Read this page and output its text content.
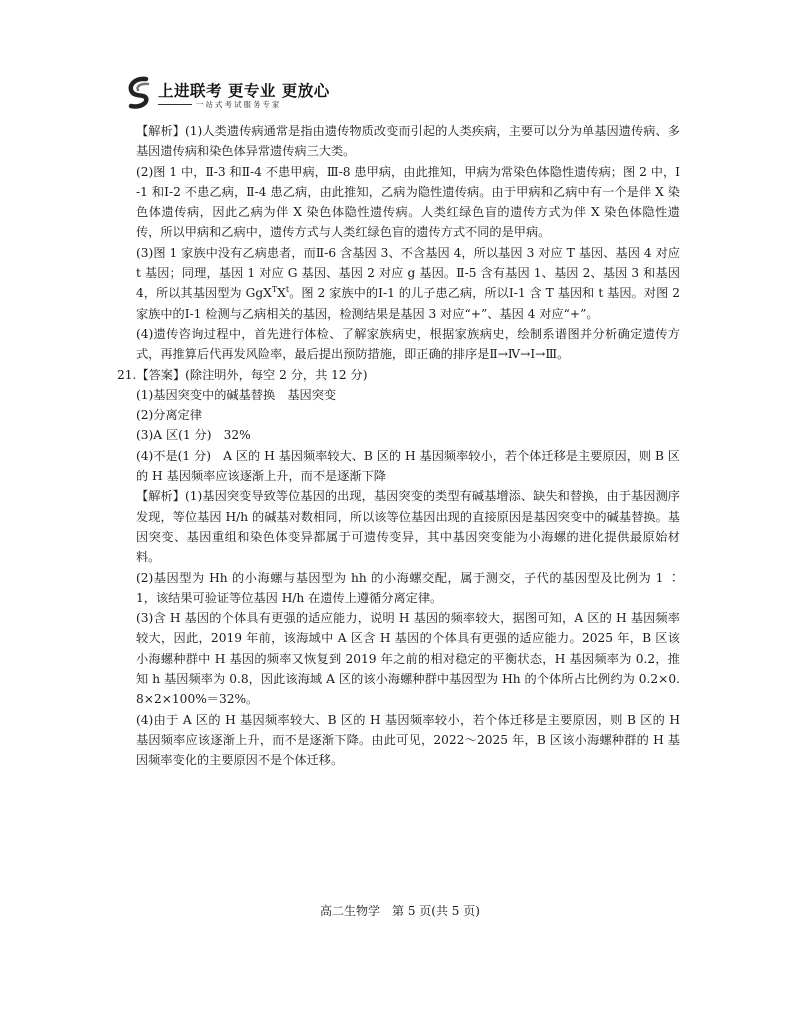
上进联考 更专业 更放心
一站式考试服务专家

【解析】(1)人类遗传病通常是指由遗传物质改变而引起的人类疾病，主要可以分为单基因遗传病、多基因遗传病和染色体异常遗传病三大类。

(2)图 1 中，Ⅱ-3 和Ⅱ-4 不患甲病，Ⅲ-8 患甲病，由此推知，甲病为常染色体隐性遗传病；图 2 中，Ⅰ-1 和Ⅰ-2 不患乙病，Ⅱ-4 患乙病，由此推知，乙病为隐性遗传病。由于甲病和乙病中有一个是伴 X 染色体遗传病，因此乙病为伴 X 染色体隐性遗传病。人类红绿色盲的遗传方式为伴 X 染色体隐性遗传，所以甲病和乙病中，遗传方式与人类红绿色盲的遗传方式不同的是甲病。

(3)图 1 家族中没有乙病患者，而Ⅱ-6 含基因 3、不含基因 4，所以基因 3 对应 T 基因、基因 4 对应 t 基因；同理，基因 1 对应 G 基因、基因 2 对应 g 基因。Ⅱ-5 含有基因 1、基因 2、基因 3 和基因 4，所以其基因型为 $GgX^TX^t$。图 2 家族中的Ⅰ-1 的儿子患乙病，所以Ⅰ-1 含 T 基因和 t 基因。对图 2 家族中的Ⅰ-1 检测与乙病相关的基因，检测结果是基因 3 对应“+”、基因 4 对应“+”。

(4)遗传咨询过程中，首先进行体检、了解家族病史，根据家族病史，绘制系谱图并分析确定遗传方式，再推算后代再发风险率，最后提出预防措施，即正确的排序是Ⅱ→Ⅳ→Ⅰ→Ⅲ。

21.【答案】(除注明外，每空 2 分，共 12 分)

(1)基因突变中的碱基替换　基因突变

(2)分离定律

(3)A 区(1 分)　32%

(4)不是(1 分)　A 区的 H 基因频率较大、B 区的 H 基因频率较小，若个体迁移是主要原因，则 B 区的 H 基因频率应该逐渐上升，而不是逐渐下降

【解析】(1)基因突变导致等位基因的出现，基因突变的类型有碱基增添、缺失和替换，由于基因测序发现，等位基因 H/h 的碱基对数相同，所以该等位基因出现的直接原因是基因突变中的碱基替换。基因突变、基因重组和染色体变异都属于可遗传变异，其中基因突变能为小海螺的进化提供最原始材料。

(2)基因型为 Hh 的小海螺与基因型为 hh 的小海螺交配，属于测交，子代的基因型及比例为 1 ∶ 1，该结果可验证等位基因 H/h 在遗传上遵循分离定律。

(3)含 H 基因的个体具有更强的适应能力，说明 H 基因的频率较大，据图可知，A 区的 H 基因频率较大，因此，2019 年前，该海域中 A 区含 H 基因的个体具有更强的适应能力。2025 年，B 区该小海螺种群中 H 基因的频率又恢复到 2019 年之前的相对稳定的平衡状态，H 基因频率为 0.2，推知 h 基因频率为 0.8，因此该海域 A 区的该小海螺种群中基因型为 Hh 的个体所占比例约为 0.2×0.8×2×100%＝32%。

(4)由于 A 区的 H 基因频率较大、B 区的 H 基因频率较小，若个体迁移是主要原因，则 B 区的 H 基因频率应该逐渐上升，而不是逐渐下降。由此可见，2022～2025 年，B 区该小海螺种群的 H 基因频率变化的主要原因不是个体迁移。

高二生物学　第 5 页(共 5 页)
